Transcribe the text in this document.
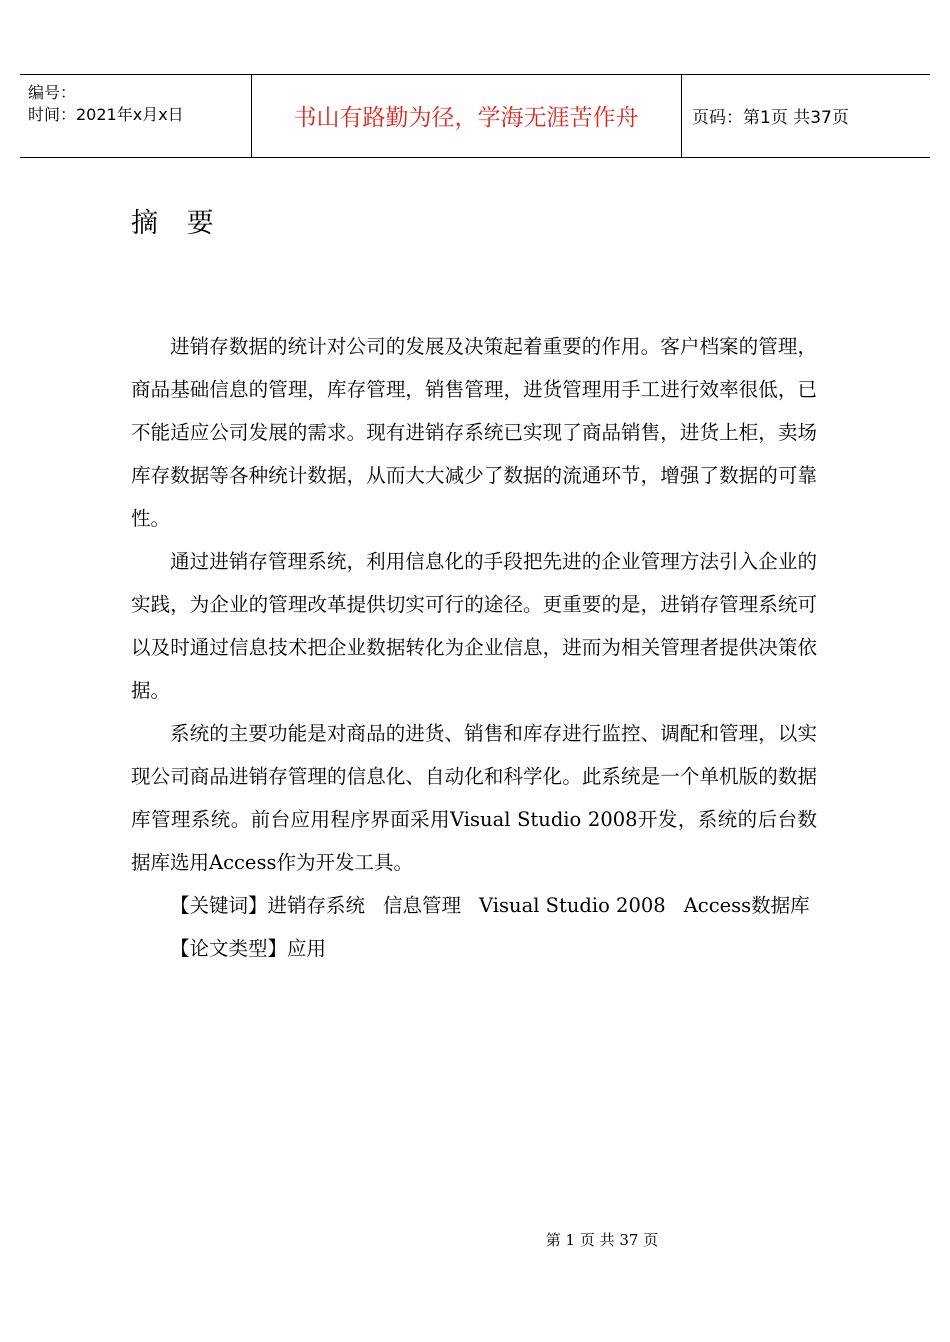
编号：
时间：2021年x月x日	书山有路勤为径，学海无涯苦作舟	页码：第1页 共37页
摘 要

进销存数据的统计对公司的发展及决策起着重要的作用。客户档案的管理，商品基础信息的管理，库存管理，销售管理，进货管理用手工进行效率很低，已不能适应公司发展的需求。现有进销存系统已实现了商品销售，进货上柜，卖场库存数据等各种统计数据，从而大大减少了数据的流通环节，增强了数据的可靠性。

通过进销存管理系统，利用信息化的手段把先进的企业管理方法引入企业的实践，为企业的管理改革提供切实可行的途径。更重要的是，进销存管理系统可以及时通过信息技术把企业数据转化为企业信息，进而为相关管理者提供决策依据。

系统的主要功能是对商品的进货、销售和库存进行监控、调配和管理，以实现公司商品进销存管理的信息化、自动化和科学化。此系统是一个单机版的数据库管理系统。前台应用程序界面采用Visual Studio 2008开发，系统的后台数据库选用Access作为开发工具。

【关键词】进销存系统 信息管理 Visual Studio 2008 Access数据库

【论文类型】应用

第 1 页 共 37 页
